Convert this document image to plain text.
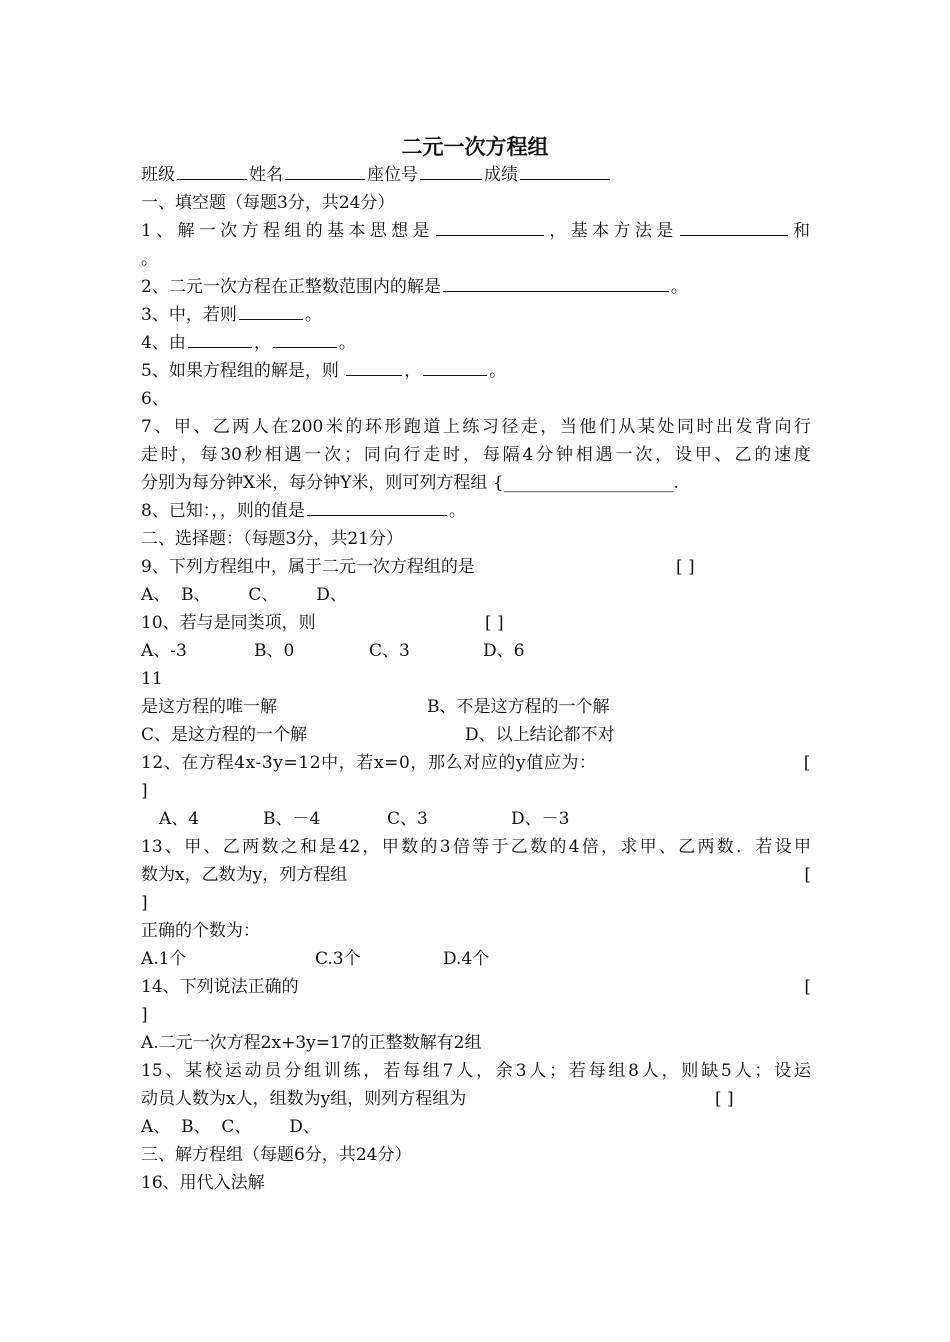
二元一次方程组
班级	姓名	座位号	成绩
一、填空题（每题3分，共24分）
1、解一次方程组的基本思想是	，基本方法是	和
。
2、二元一次方程在正整数范围内的解是	。
3、中，若则	。
4、由	，	。
5、如果方程组的解是，则	，	。
6、
7、甲、乙两人在200米的环形跑道上练习径走，当他们从某处同时出发背向行
走时，每30秒相遇一次；同向行走时，每隔4分钟相遇一次，设甲、乙的速度
分别为每分钟X米，每分钟Y米，则可列方程组 {____________________.
8、已知：，，则的值是	。
二、选择题：（每题3分，共21分）
9、下列方程组中，属于二元一次方程组的是	[ ]
A、  B、       C、       D、
10、若与是同类项，则	[ ]
A、-3	B、0	C、3	D、6
11
是这方程的唯一解	B、不是这方程的一个解
C、是这方程的一个解	D、以上结论都不对
12、在方程4x-3y=12中，若x=0，那么对应的y值应为：	[
]
A、4	B、－4	C、3	D、－3
13、甲、乙两数之和是42，甲数的3倍等于乙数的4倍，求甲、乙两数．若设甲
数为x，乙数为y，列方程组	[
]
正确的个数为：
A.1个	C.3个	D.4个
14、下列说法正确的	[
]
A.二元一次方程2x+3y=17的正整数解有2组
15、某校运动员分组训练，若每组7人，余3人；若每组8人，则缺5人；设运
动员人数为x人，组数为y组，则列方程组为	[ ]
A、  B、  C、       D、
三、解方程组（每题6分，共24分）
16、用代入法解
